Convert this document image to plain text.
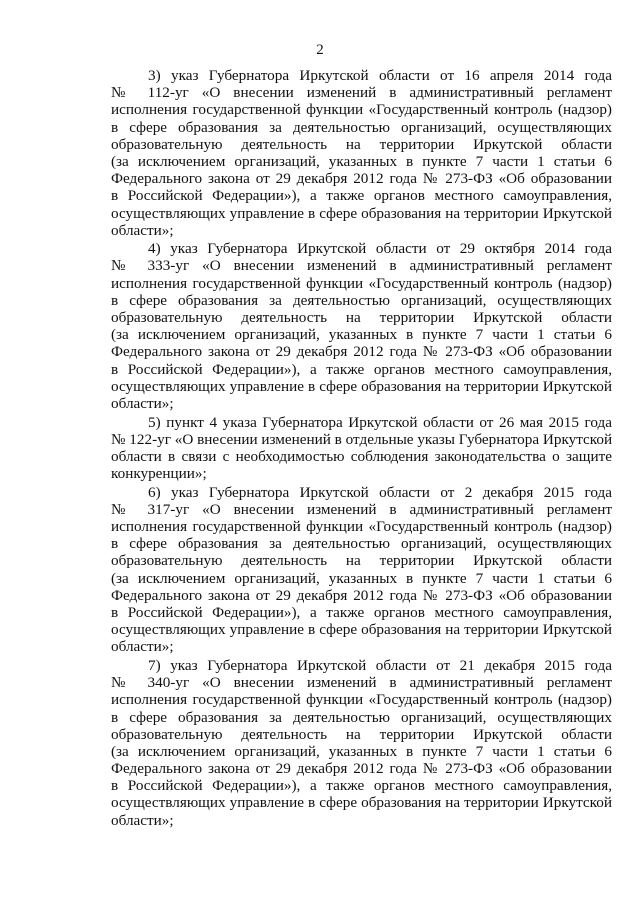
2
3) указ Губернатора Иркутской области от 16 апреля 2014 года
№ 112-уг «О внесении изменений в административный регламент
исполнения государственной функции «Государственный контроль (надзор)
в сфере образования за деятельностью организаций, осуществляющих
образовательную деятельность на территории Иркутской области
(за исключением организаций, указанных в пункте 7 части 1 статьи 6
Федерального закона от 29 декабря 2012 года № 273-ФЗ «Об образовании
в Российской Федерации»), а также органов местного самоуправления,
осуществляющих управление в сфере образования на территории Иркутской
области»;
4) указ Губернатора Иркутской области от 29 октября 2014 года
№ 333-уг «О внесении изменений в административный регламент
исполнения государственной функции «Государственный контроль (надзор)
в сфере образования за деятельностью организаций, осуществляющих
образовательную деятельность на территории Иркутской области
(за исключением организаций, указанных в пункте 7 части 1 статьи 6
Федерального закона от 29 декабря 2012 года № 273-ФЗ «Об образовании
в Российской Федерации»), а также органов местного самоуправления,
осуществляющих управление в сфере образования на территории Иркутской
области»;
5) пункт 4 указа Губернатора Иркутской области от 26 мая 2015 года
№ 122-уг «О внесении изменений в отдельные указы Губернатора Иркутской
области в связи с необходимостью соблюдения законодательства о защите
конкуренции»;
6) указ Губернатора Иркутской области от 2 декабря 2015 года
№ 317-уг «О внесении изменений в административный регламент
исполнения государственной функции «Государственный контроль (надзор)
в сфере образования за деятельностью организаций, осуществляющих
образовательную деятельность на территории Иркутской области
(за исключением организаций, указанных в пункте 7 части 1 статьи 6
Федерального закона от 29 декабря 2012 года № 273-ФЗ «Об образовании
в Российской Федерации»), а также органов местного самоуправления,
осуществляющих управление в сфере образования на территории Иркутской
области»;
7) указ Губернатора Иркутской области от 21 декабря 2015 года
№ 340-уг «О внесении изменений в административный регламент
исполнения государственной функции «Государственный контроль (надзор)
в сфере образования за деятельностью организаций, осуществляющих
образовательную деятельность на территории Иркутской области
(за исключением организаций, указанных в пункте 7 части 1 статьи 6
Федерального закона от 29 декабря 2012 года № 273-ФЗ «Об образовании
в Российской Федерации»), а также органов местного самоуправления,
осуществляющих управление в сфере образования на территории Иркутской
области»;
